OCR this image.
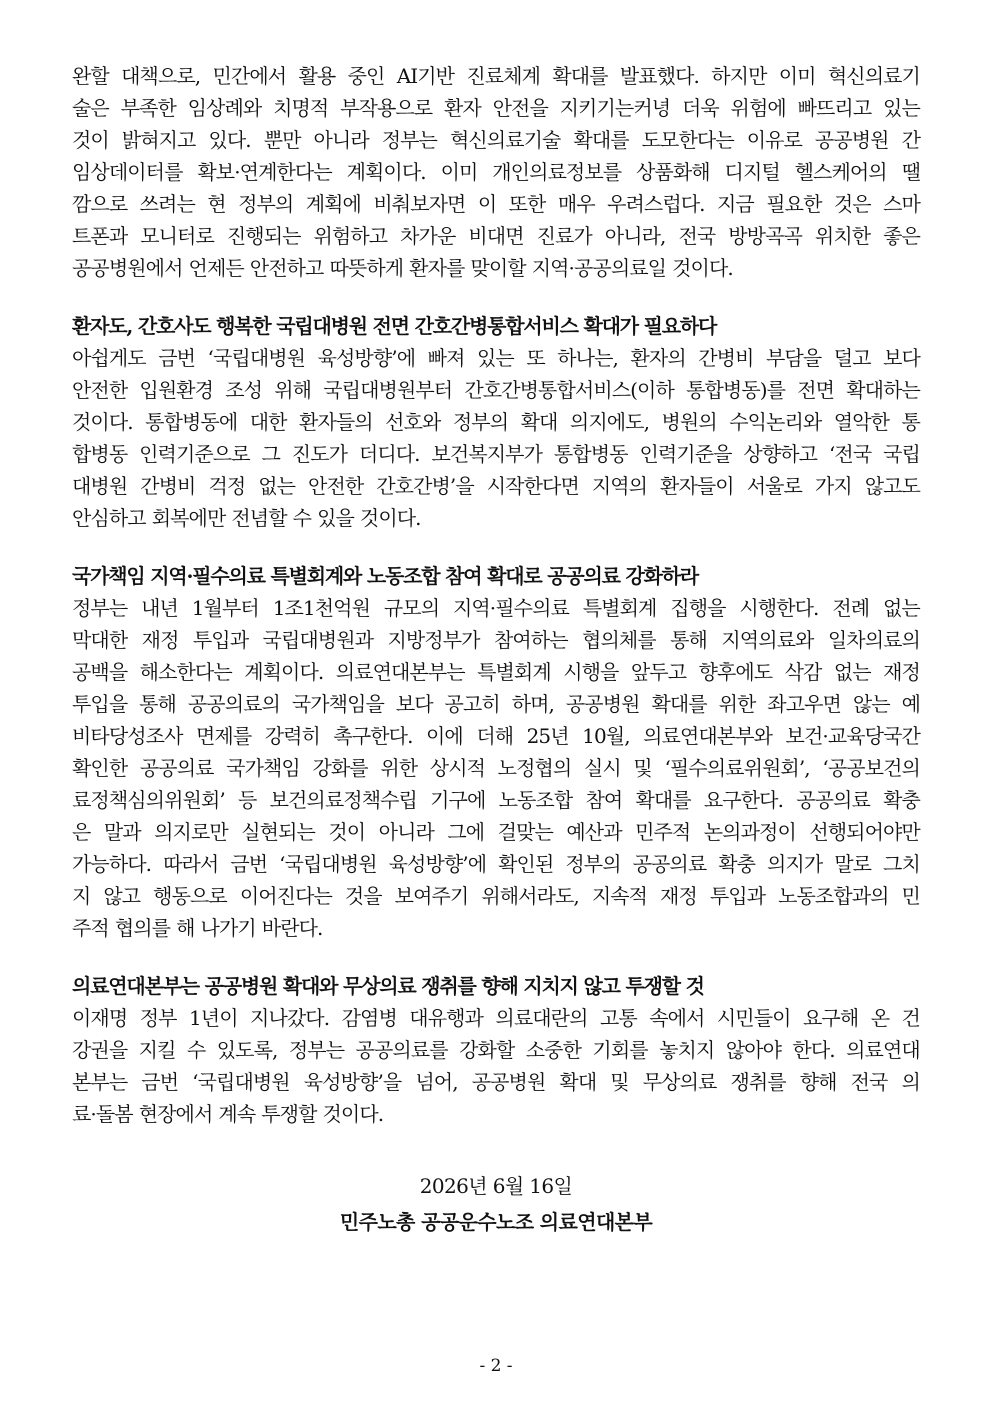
완할 대책으로, 민간에서 활용 중인 AI기반 진료체계 확대를 발표했다. 하지만 이미 혁신의료기
술은 부족한 임상례와 치명적 부작용으로 환자 안전을 지키기는커녕 더욱 위험에 빠뜨리고 있는
것이 밝혀지고 있다. 뿐만 아니라 정부는 혁신의료기술 확대를 도모한다는 이유로 공공병원 간
임상데이터를 확보·연계한다는 계획이다. 이미 개인의료정보를 상품화해 디지털 헬스케어의 땔
깜으로 쓰려는 현 정부의 계획에 비춰보자면 이 또한 매우 우려스럽다. 지금 필요한 것은 스마
트폰과 모니터로 진행되는 위험하고 차가운 비대면 진료가 아니라, 전국 방방곡곡 위치한 좋은
공공병원에서 언제든 안전하고 따뜻하게 환자를 맞이할 지역·공공의료일 것이다.
환자도, 간호사도 행복한 국립대병원 전면 간호간병통합서비스 확대가 필요하다
아쉽게도 금번 ‘국립대병원 육성방향’에 빠져 있는 또 하나는, 환자의 간병비 부담을 덜고 보다
안전한 입원환경 조성 위해 국립대병원부터 간호간병통합서비스(이하 통합병동)를 전면 확대하는
것이다. 통합병동에 대한 환자들의 선호와 정부의 확대 의지에도, 병원의 수익논리와 열악한 통
합병동 인력기준으로 그 진도가 더디다. 보건복지부가 통합병동 인력기준을 상향하고 ‘전국 국립
대병원 간병비 걱정 없는 안전한 간호간병’을 시작한다면 지역의 환자들이 서울로 가지 않고도
안심하고 회복에만 전념할 수 있을 것이다.
국가책임 지역·필수의료 특별회계와 노동조합 참여 확대로 공공의료 강화하라
정부는 내년 1월부터 1조1천억원 규모의 지역·필수의료 특별회계 집행을 시행한다. 전례 없는
막대한 재정 투입과 국립대병원과 지방정부가 참여하는 협의체를 통해 지역의료와 일차의료의
공백을 해소한다는 계획이다. 의료연대본부는 특별회계 시행을 앞두고 향후에도 삭감 없는 재정
투입을 통해 공공의료의 국가책임을 보다 공고히 하며, 공공병원 확대를 위한 좌고우면 않는 예
비타당성조사 면제를 강력히 촉구한다. 이에 더해 25년 10월, 의료연대본부와 보건·교육당국간
확인한 공공의료 국가책임 강화를 위한 상시적 노정협의 실시 및 ‘필수의료위원회’, ‘공공보건의
료정책심의위원회’ 등 보건의료정책수립 기구에 노동조합 참여 확대를 요구한다. 공공의료 확충
은 말과 의지로만 실현되는 것이 아니라 그에 걸맞는 예산과 민주적 논의과정이 선행되어야만
가능하다. 따라서 금번 ‘국립대병원 육성방향’에 확인된 정부의 공공의료 확충 의지가 말로 그치
지 않고 행동으로 이어진다는 것을 보여주기 위해서라도, 지속적 재정 투입과 노동조합과의 민
주적 협의를 해 나가기 바란다.
의료연대본부는 공공병원 확대와 무상의료 쟁취를 향해 지치지 않고 투쟁할 것
이재명 정부 1년이 지나갔다. 감염병 대유행과 의료대란의 고통 속에서 시민들이 요구해 온 건
강권을 지킬 수 있도록, 정부는 공공의료를 강화할 소중한 기회를 놓치지 않아야 한다. 의료연대
본부는 금번 ‘국립대병원 육성방향’을 넘어, 공공병원 확대 및 무상의료 쟁취를 향해 전국 의
료·돌봄 현장에서 계속 투쟁할 것이다.
2026년 6월 16일
민주노총 공공운수노조 의료연대본부
- 2 -
